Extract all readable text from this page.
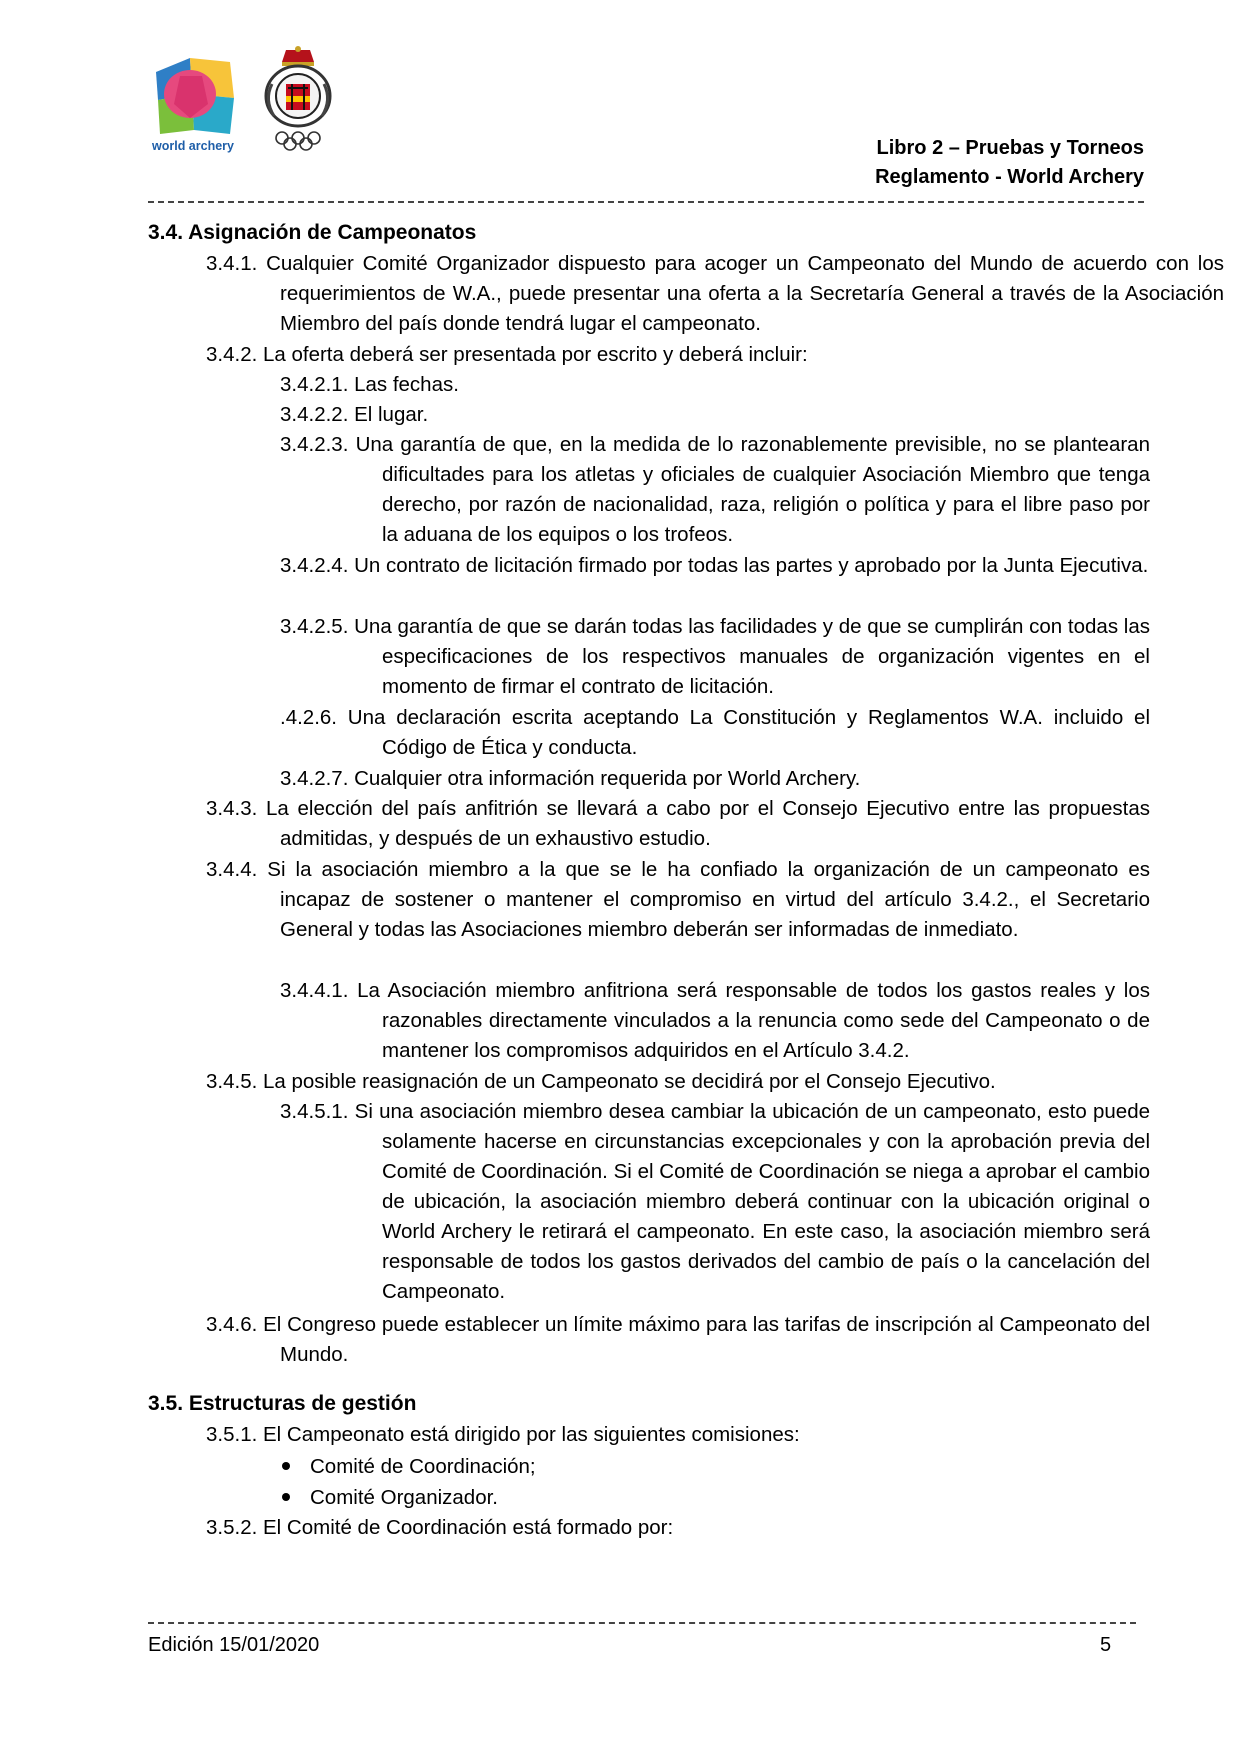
world archery	Libro 2 – Pruebas y Torneos
Reglamento - World Archery
3.4. Asignación de Campeonatos
3.4.1. Cualquier Comité Organizador dispuesto para acoger un Campeonato del Mundo de acuerdo con los requerimientos de W.A., puede presentar una oferta a la Secretaría General a través de la Asociación Miembro del país donde tendrá lugar el campeonato.
3.4.2. La oferta deberá ser presentada por escrito y deberá incluir:
3.4.2.1. Las fechas.
3.4.2.2. El lugar.
3.4.2.3. Una garantía de que, en la medida de lo razonablemente previsible, no se plantearan dificultades para los atletas y oficiales de cualquier Asociación Miembro que tenga derecho, por razón de nacionalidad, raza, religión o política y para el libre paso por la aduana de los equipos o los trofeos.
3.4.2.4. Un contrato de licitación firmado por todas las partes y aprobado por la Junta Ejecutiva.
3.4.2.5. Una garantía de que se darán todas las facilidades y de que se cumplirán con todas las especificaciones de los respectivos manuales de organización vigentes en el momento de firmar el contrato de licitación.
.4.2.6. Una declaración escrita aceptando La Constitución y Reglamentos W.A. incluido el Código de Ética y conducta.
3.4.2.7. Cualquier otra información requerida por World Archery.
3.4.3. La elección del país anfitrión se llevará a cabo por el Consejo Ejecutivo entre las propuestas admitidas, y después de un exhaustivo estudio.
3.4.4. Si la asociación miembro a la que se le ha confiado la organización de un campeonato es incapaz de sostener o mantener el compromiso en virtud del artículo 3.4.2., el Secretario General y todas las Asociaciones miembro deberán ser informadas de inmediato.
3.4.4.1. La Asociación miembro anfitriona será responsable de todos los gastos reales y los razonables directamente vinculados a la renuncia como sede del Campeonato o de mantener los compromisos adquiridos en el Artículo 3.4.2.
3.4.5. La posible reasignación de un Campeonato se decidirá por el Consejo Ejecutivo.
3.4.5.1. Si una asociación miembro desea cambiar la ubicación de un campeonato, esto puede solamente hacerse en circunstancias excepcionales y con la aprobación previa del Comité de Coordinación. Si el Comité de Coordinación se niega a aprobar el cambio de ubicación, la asociación miembro deberá continuar con la ubicación original o World Archery le retirará el campeonato. En este caso, la asociación miembro será responsable de todos los gastos derivados del cambio de país o la cancelación del Campeonato.
3.4.6. El Congreso puede establecer un límite máximo para las tarifas de inscripción al Campeonato del Mundo.
3.5. Estructuras de gestión
3.5.1. El Campeonato está dirigido por las siguientes comisiones:
Comité de Coordinación;
Comité Organizador.
3.5.2. El Comité de Coordinación está formado por:
Edición 15/01/2020	5
